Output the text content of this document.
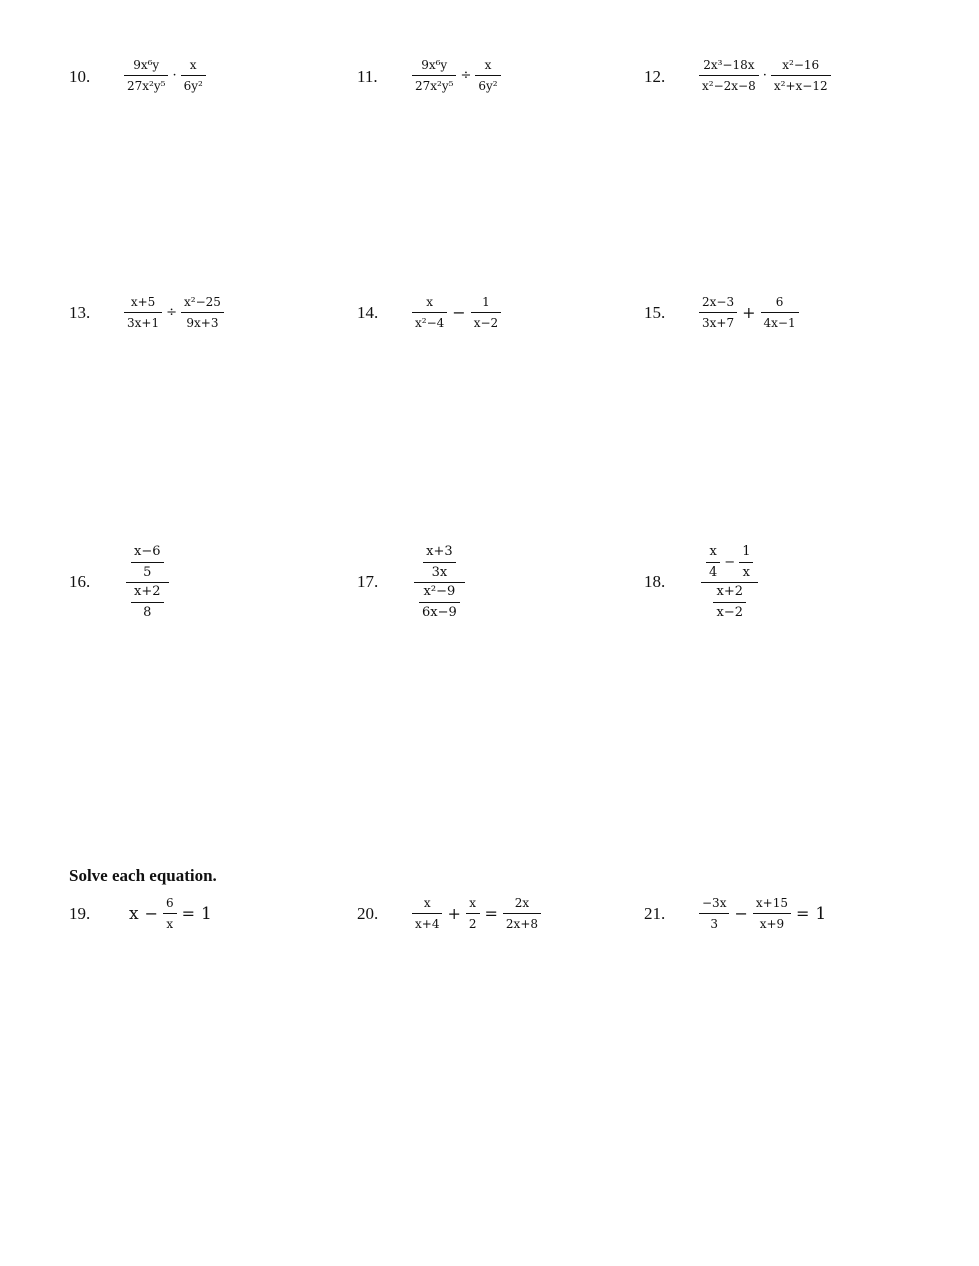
10.	$\frac{\text{9x⁶y}}{\text{27x²y⁵}} \cdot \frac{x}{\text{6y²}}$	11.	$\frac{\text{9x⁶y}}{\text{27x²y⁵}} \div \frac{x}{\text{6y²}}$	12.	$\frac{\text{2x³−18x}}{\text{x²−2x−8}} \cdot \frac{\text{x²−16}}{\text{x²+x−12}}$
13.	$\frac{x+5}{3x+1} \div \frac{\text{x²−25}}{9x+3}$	14.	$\frac{x}{\text{x²−4}} - \frac{1}{x-2}$	15.	$\frac{2x-3}{3x+7} + \frac{6}{4x-1}$
16.	$\frac{\frac{x-6}{5}}{\frac{x+2}{8}}$	17.	$\frac{\frac{x+3}{3x}}{\frac{\text{x²−9}}{6x-9}}$	18.	$\frac{\frac{x}{4} - \frac{1}{x}}{\frac{x+2}{x-2}}$
Solve each equation.
19. $x - \frac{6}{x} = 1$	20.	$\frac{x}{x+4} + \frac{x}{2} = \frac{2x}{2x+8}$	21.	$\frac{-3x}{3} - \frac{x+15}{x+9} = 1$
